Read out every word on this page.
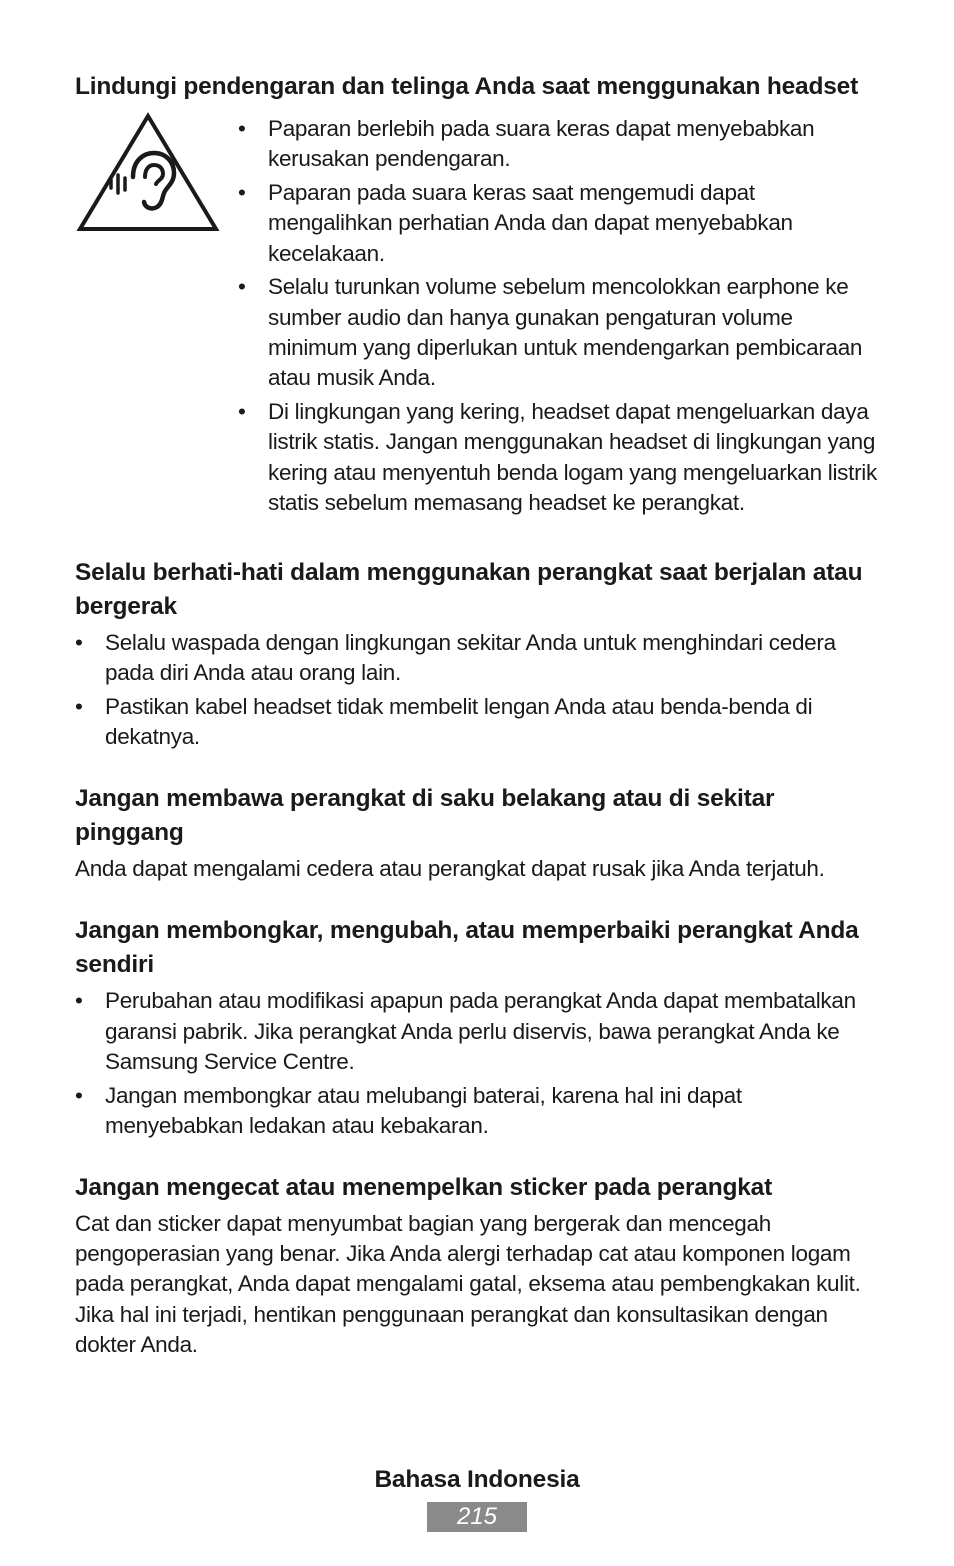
Lindungi pendengaran dan telinga Anda saat menggunakan headset
• Paparan berlebih pada suara keras dapat menyebabkan kerusakan pendengaran.
• Paparan pada suara keras saat mengemudi dapat mengalihkan perhatian Anda dan dapat menyebabkan kecelakaan.
• Selalu turunkan volume sebelum mencolokkan earphone ke sumber audio dan hanya gunakan pengaturan volume minimum yang diperlukan untuk mendengarkan pembicaraan atau musik Anda.
• Di lingkungan yang kering, headset dapat mengeluarkan daya listrik statis. Jangan menggunakan headset di lingkungan yang kering atau menyentuh benda logam yang mengeluarkan listrik statis sebelum memasang headset ke perangkat.
Selalu berhati-hati dalam menggunakan perangkat saat berjalan atau bergerak
• Selalu waspada dengan lingkungan sekitar Anda untuk menghindari cedera pada diri Anda atau orang lain.
• Pastikan kabel headset tidak membelit lengan Anda atau benda-benda di dekatnya.
Jangan membawa perangkat di saku belakang atau di sekitar pinggang

Anda dapat mengalami cedera atau perangkat dapat rusak jika Anda terjatuh.

Jangan membongkar, mengubah, atau memperbaiki perangkat Anda sendiri
• Perubahan atau modifikasi apapun pada perangkat Anda dapat membatalkan garansi pabrik. Jika perangkat Anda perlu diservis, bawa perangkat Anda ke Samsung Service Centre.
• Jangan membongkar atau melubangi baterai, karena hal ini dapat menyebabkan ledakan atau kebakaran.
Jangan mengecat atau menempelkan sticker pada perangkat

Cat dan sticker dapat menyumbat bagian yang bergerak dan mencegah pengoperasian yang benar. Jika Anda alergi terhadap cat atau komponen logam pada perangkat, Anda dapat mengalami gatal, eksema atau pembengkakan kulit. Jika hal ini terjadi, hentikan penggunaan perangkat dan konsultasikan dengan dokter Anda.

Bahasa Indonesia
215
